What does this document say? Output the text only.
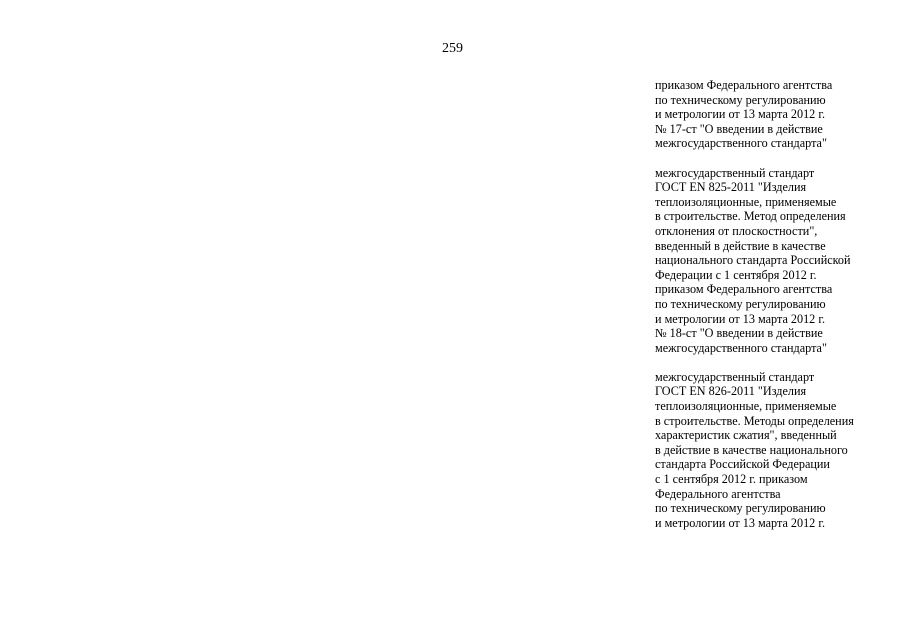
259

приказом Федерального агентства
по техническому регулированию
и метрологии от 13 марта 2012 г.
№ 17-ст "О введении в действие
межгосударственного стандарта"

межгосударственный стандарт
ГОСТ EN 825-2011 "Изделия
теплоизоляционные, применяемые
в строительстве. Метод определения
отклонения от плоскостности",
введенный в действие в качестве
национального стандарта Российской
Федерации с 1 сентября 2012 г.
приказом Федерального агентства
по техническому регулированию
и метрологии от 13 марта 2012 г.
№ 18-ст "О введении в действие
межгосударственного стандарта"

межгосударственный стандарт
ГОСТ EN 826-2011 "Изделия
теплоизоляционные, применяемые
в строительстве. Методы определения
характеристик сжатия", введенный
в действие в качестве национального
стандарта Российской Федерации
с 1 сентября 2012 г. приказом
Федерального агентства
по техническому регулированию
и метрологии от 13 марта 2012 г.
